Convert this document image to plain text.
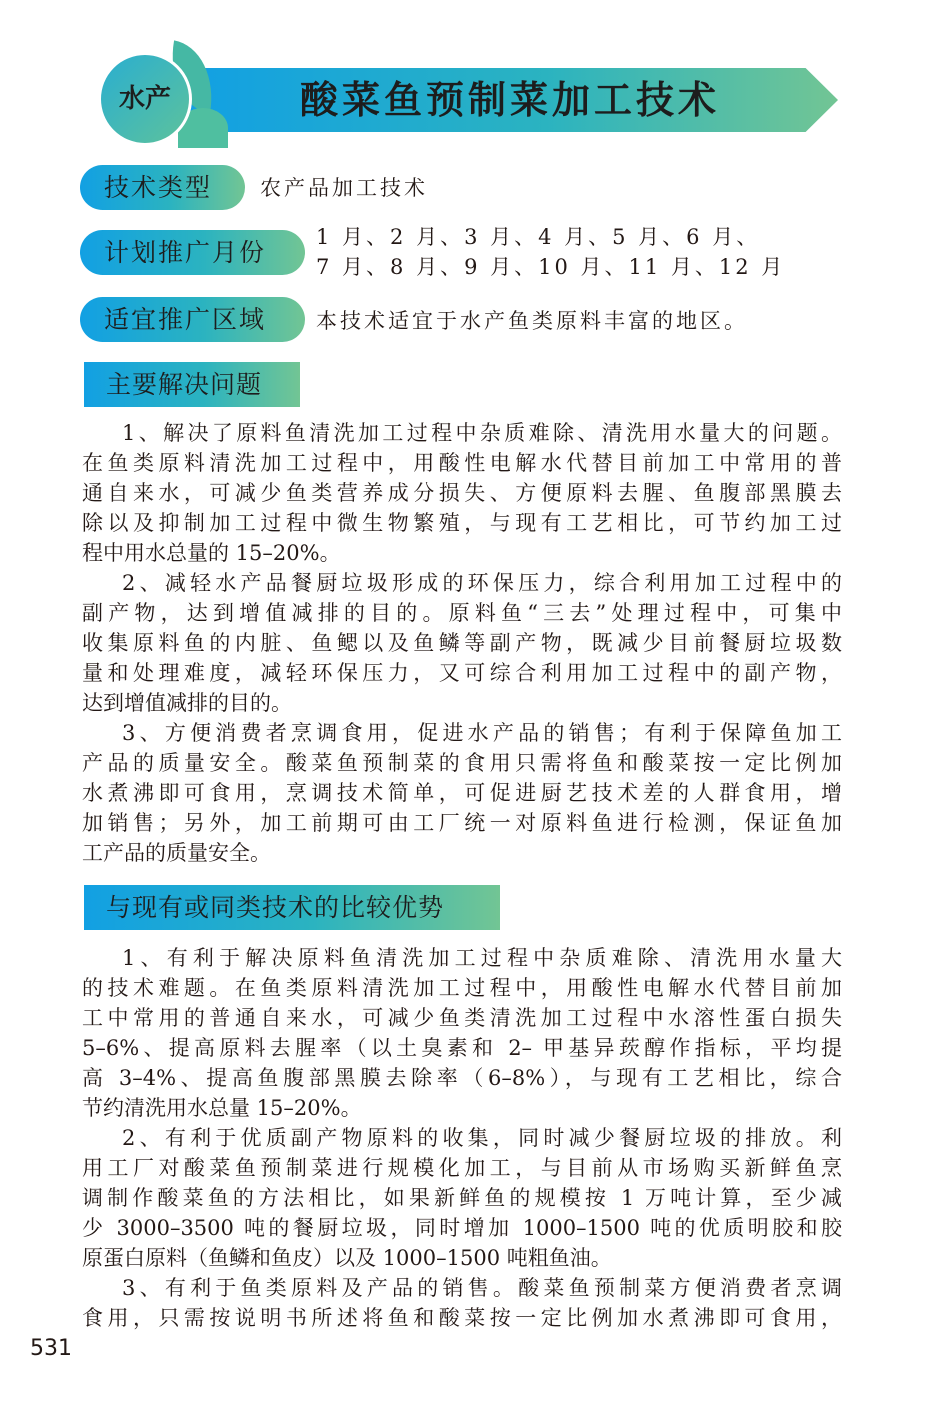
酸菜鱼预制菜加工技术
水产
技术类型	农产品加工技术
计划推广月份
1 月、2 月、3 月、4 月、5 月、6 月、
7 月、8 月、9 月、10 月、11 月、12 月
适宜推广区域	本技术适宜于水产鱼类原料丰富的地区。
主要解决问题
1、解决了原料鱼清洗加工过程中杂质难除、清洗用水量大的问题。
在鱼类原料清洗加工过程中，用酸性电解水代替目前加工中常用的普
通自来水，可减少鱼类营养成分损失、方便原料去腥、鱼腹部黑膜去
除以及抑制加工过程中微生物繁殖，与现有工艺相比，可节约加工过
程中用水总量的 15–20%。
2、减轻水产品餐厨垃圾形成的环保压力，综合利用加工过程中的
副产物，达到增值减排的目的。原料鱼“三去”处理过程中，可集中
收集原料鱼的内脏、鱼鳃以及鱼鳞等副产物，既减少目前餐厨垃圾数
量和处理难度，减轻环保压力，又可综合利用加工过程中的副产物，
达到增值减排的目的。
3、方便消费者烹调食用，促进水产品的销售；有利于保障鱼加工
产品的质量安全。酸菜鱼预制菜的食用只需将鱼和酸菜按一定比例加
水煮沸即可食用，烹调技术简单，可促进厨艺技术差的人群食用，增
加销售；另外，加工前期可由工厂统一对原料鱼进行检测，保证鱼加
工产品的质量安全。
与现有或同类技术的比较优势
1、有利于解决原料鱼清洗加工过程中杂质难除、清洗用水量大
的技术难题。在鱼类原料清洗加工过程中，用酸性电解水代替目前加
工中常用的普通自来水，可减少鱼类清洗加工过程中水溶性蛋白损失
5–6%、提高原料去腥率（以土臭素和 2– 甲基异莰醇作指标，平均提
高 3–4%、提高鱼腹部黑膜去除率（6–8%），与现有工艺相比，综合
节约清洗用水总量 15–20%。
2、有利于优质副产物原料的收集，同时减少餐厨垃圾的排放。利
用工厂对酸菜鱼预制菜进行规模化加工，与目前从市场购买新鲜鱼烹
调制作酸菜鱼的方法相比，如果新鲜鱼的规模按 1 万吨计算，至少减
少 3000–3500 吨的餐厨垃圾，同时增加 1000–1500 吨的优质明胶和胶
原蛋白原料（鱼鳞和鱼皮）以及 1000–1500 吨粗鱼油。
3、有利于鱼类原料及产品的销售。酸菜鱼预制菜方便消费者烹调
食用，只需按说明书所述将鱼和酸菜按一定比例加水煮沸即可食用，
531
